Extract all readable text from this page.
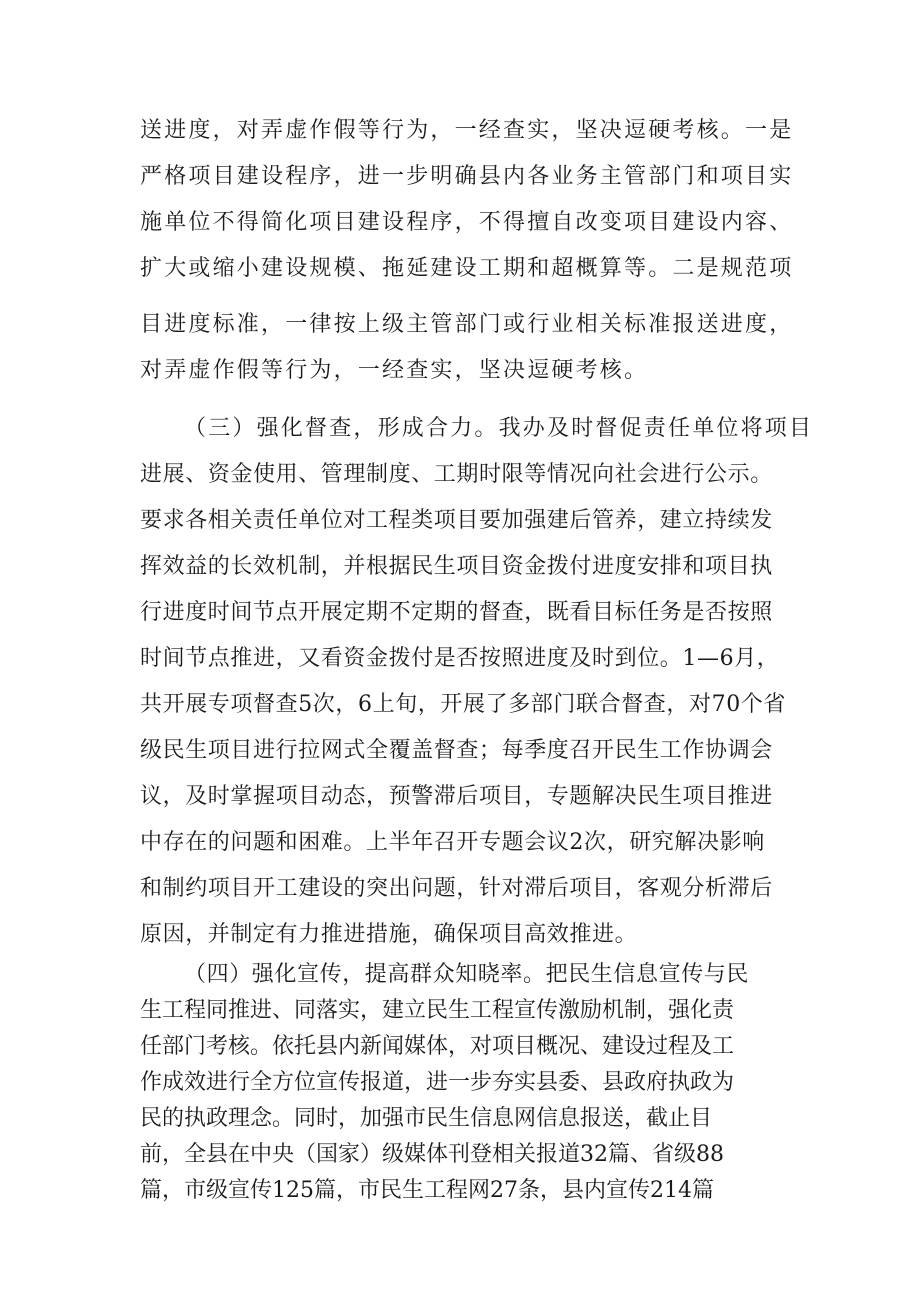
送进度，对弄虚作假等行为，一经查实，坚决逗硬考核。一是
严格项目建设程序，进一步明确县内各业务主管部门和项目实
施单位不得简化项目建设程序，不得擅自改变项目建设内容、
扩大或缩小建设规模、拖延建设工期和超概算等。二是规范项
目进度标准，一律按上级主管部门或行业相关标准报送进度，
对弄虚作假等行为，一经查实，坚决逗硬考核。
（三）强化督查，形成合力。我办及时督促责任单位将项目
进展、资金使用、管理制度、工期时限等情况向社会进行公示。
要求各相关责任单位对工程类项目要加强建后管养，建立持续发
挥效益的长效机制，并根据民生项目资金拨付进度安排和项目执
行进度时间节点开展定期不定期的督查，既看目标任务是否按照
时间节点推进，又看资金拨付是否按照进度及时到位。1—6月，
共开展专项督查5次，6上旬，开展了多部门联合督查，对70个省
级民生项目进行拉网式全覆盖督查；每季度召开民生工作协调会
议，及时掌握项目动态，预警滞后项目，专题解决民生项目推进
中存在的问题和困难。上半年召开专题会议2次，研究解决影响
和制约项目开工建设的突出问题，针对滞后项目，客观分析滞后
原因，并制定有力推进措施，确保项目高效推进。
（四）强化宣传，提高群众知晓率。把民生信息宣传与民
生工程同推进、同落实，建立民生工程宣传激励机制，强化责
任部门考核。依托县内新闻媒体，对项目概况、建设过程及工
作成效进行全方位宣传报道，进一步夯实县委、县政府执政为
民的执政理念。同时，加强市民生信息网信息报送，截止目
前，全县在中央（国家）级媒体刊登相关报道32篇、省级88
篇，市级宣传125篇，市民生工程网27条，县内宣传214篇
